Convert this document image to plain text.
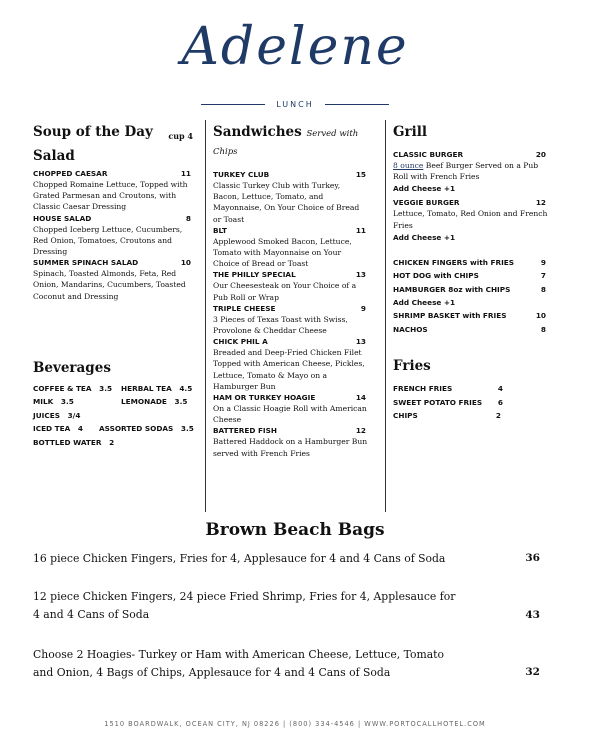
Adelene
LUNCH
Soup of the Day cup 4
Salad
CHOPPED CAESAR	11
Chopped Romaine Lettuce, Topped with Grated Parmesan and Croutons, with Classic Caesar Dressing
HOUSE SALAD	8
Chopped Iceberg Lettuce, Cucumbers, Red Onion, Tomatoes, Croutons and Dressing
SUMMER SPINACH SALAD	10
Spinach, Toasted Almonds, Feta, Red Onion, Mandarins, Cucumbers, Toasted Coconut and Dressing
Beverages
COFFEE & TEA   3.5 HERBAL TEA   4.5
MILK   3.5	LEMONADE   3.5
JUICES   3/4
ICED TEA   4 ASSORTED SODAS   3.5
BOTTLED WATER   2
Sandwiches Served with Chips
TURKEY CLUB	15
Classic Turkey Club with Turkey, Bacon, Lettuce, Tomato, and Mayonnaise, On Your Choice of Bread or Toast
BLT	11
Applewood Smoked Bacon, Lettuce, Tomato with Mayonnaise on Your Choice of Bread or Toast
THE PHILLY SPECIAL	13
Our Cheesesteak on Your Choice of a Pub Roll or Wrap
TRIPLE CHEESE	9
3 Pieces of Texas Toast with Swiss, Provolone & Cheddar Cheese
CHICK PHIL A	13
Breaded and Deep-Fried Chicken Filet Topped with American Cheese, Pickles, Lettuce, Tomato & Mayo on a Hamburger Bun
HAM OR TURKEY HOAGIE	14
On a Classic Hoagie Roll with American Cheese
BATTERED FISH	12
Battered Haddock on a Hamburger Bun served with French Fries
Grill
CLASSIC BURGER	20
8 ounce Beef Burger Served on a Pub Roll with French Fries
Add Cheese +1
VEGGIE BURGER	12
Lettuce, Tomato, Red Onion and French Fries
Add Cheese +1
CHICKEN FINGERS with FRIES	9
HOT DOG with CHIPS	7
HAMBURGER 8oz with CHIPS	8
Add Cheese +1
SHRIMP BASKET with FRIES	10
NACHOS	8
Fries
FRENCH FRIES	4
SWEET POTATO FRIES 6
CHIPS	2
Brown Beach Bags
16 piece Chicken Fingers, Fries for 4, Applesauce for 4 and 4 Cans of Soda	36
12 piece Chicken Fingers, 24 piece Fried Shrimp, Fries for 4, Applesauce for
4 and 4 Cans of Soda	43
Choose 2 Hoagies- Turkey or Ham with American Cheese, Lettuce, Tomato
and Onion, 4 Bags of Chips, Applesauce for 4 and 4 Cans of Soda	32
1510 BOARDWALK, OCEAN CITY, NJ 08226 | (800) 334-4546 | WWW.PORTOCALLHOTEL.COM
